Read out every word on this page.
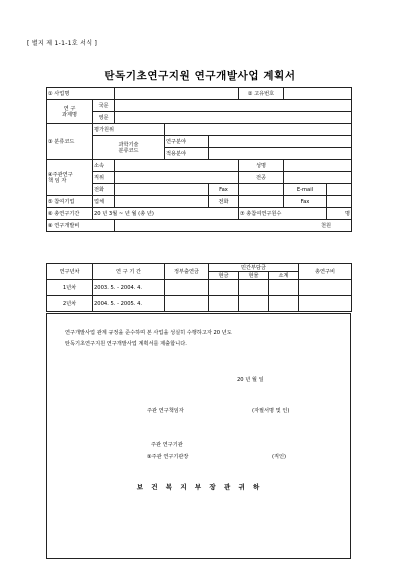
[ 별지 제 1-1-1호 서식 ]
탄독기초연구지원 연구개발사업 계획서
① 사업명					② 고유번호		
연 구
과제명	국문						
	영문						
③ 분류코드	평가원위						
	과학기술
분류코드		연구분야				
			적용분야				
④주관연구
책 임 자	소속				성명		
	직위				전공		
	전화			Fax		E-mail	
⑤ 참여기업	업체			전화		Fax	
⑥ 총연구기간	20 년 3월 ~ 년 월 (총 년)				⑦ 총참여연구원수		명
⑧ 연구개발비		천원					
연구년차	연 구 기 간	정부출연금	민간부담금			총연구비
			현금	현물	소계	
1년차	2003. 5. - 2004. 4.					
2년차	2004. 5. - 2005. 4.					
연구개발사업 관계 규정을 준수하며 본 사업을 성실히 수행하고자 20 년도
탄독기초연구지원 연구개발사업 계획서를 제출합니다.
20 년 월 일
주관 연구책임자	(자필서명 및 인)
주관 연구기관
⑨주관 연구기관장	(직인)
보 건 복 지 부 장 관 귀 하
